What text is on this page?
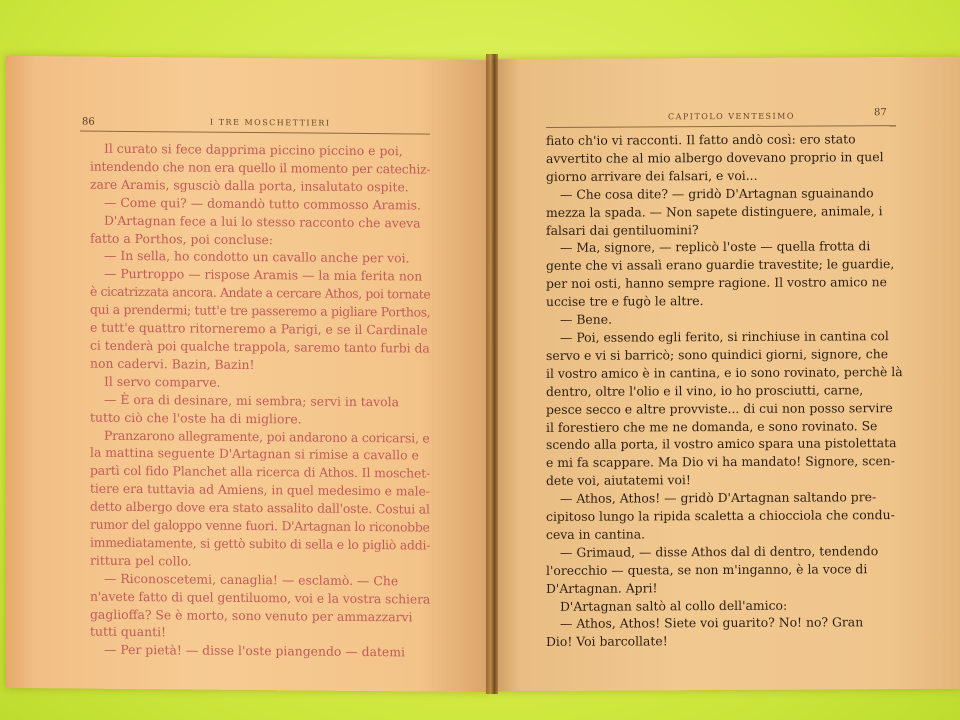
86	I TRE MOSCHETTIERI
Il curato si fece dapprima piccino piccino e poi,
intendendo che non era quello il momento per catechiz-
zare Aramis, sgusciò dalla porta, insalutato ospite.
— Come qui? — domandò tutto commosso Aramis.
D'Artagnan fece a lui lo stesso racconto che aveva
fatto a Porthos, poi concluse:
— In sella, ho condotto un cavallo anche per voi.
— Purtroppo — rispose Aramis — la mia ferita non
è cicatrizzata ancora. Andate a cercare Athos, poi tornate
qui a prendermi; tutt'e tre passeremo a pigliare Porthos,
e tutt'e quattro ritorneremo a Parigi, e se il Cardinale
ci tenderà poi qualche trappola, saremo tanto furbi da
non cadervi. Bazin, Bazin!
Il servo comparve.
— È ora di desinare, mi sembra; servi in tavola
tutto ciò che l'oste ha di migliore.
Pranzarono allegramente, poi andarono a coricarsi, e
la mattina seguente D'Artagnan si rimise a cavallo e
partì col fido Planchet alla ricerca di Athos. Il moschet-
tiere era tuttavia ad Amiens, in quel medesimo e male-
detto albergo dove era stato assalito dall'oste. Costui al
rumor del galoppo venne fuori. D'Artagnan lo riconobbe
immediatamente, si gettò subito di sella e lo pigliò addi-
rittura pel collo.
— Riconoscetemi, canaglia! — esclamò. — Che
n'avete fatto di quel gentiluomo, voi e la vostra schiera
gaglioffa? Se è morto, sono venuto per ammazzarvi
tutti quanti!
— Per pietà! — disse l'oste piangendo — datemi
CAPITOLO VENTESIMO	87
fiato ch'io vi racconti. Il fatto andò così: ero stato
avvertito che al mio albergo dovevano proprio in quel
giorno arrivare dei falsari, e voi...
— Che cosa dite? — gridò D'Artagnan sguainando
mezza la spada. — Non sapete distinguere, animale, i
falsari dai gentiluomini?
— Ma, signore, — replicò l'oste — quella frotta di
gente che vi assalì erano guardie travestite; le guardie,
per noi osti, hanno sempre ragione. Il vostro amico ne
uccise tre e fugò le altre.
— Bene.
— Poi, essendo egli ferito, si rinchiuse in cantina col
servo e vi si barricò; sono quindici giorni, signore, che
il vostro amico è in cantina, e io sono rovinato, perchè là
dentro, oltre l'olio e il vino, io ho prosciutti, carne,
pesce secco e altre provviste... di cui non posso servire
il forestiero che me ne domanda, e sono rovinato. Se
scendo alla porta, il vostro amico spara una pistolettata
e mi fa scappare. Ma Dio vi ha mandato! Signore, scen-
dete voi, aiutatemi voi!
— Athos, Athos! — gridò D'Artagnan saltando pre-
cipitoso lungo la ripida scaletta a chiocciola che condu-
ceva in cantina.
— Grimaud, — disse Athos dal di dentro, tendendo
l'orecchio — questa, se non m'inganno, è la voce di
D'Artagnan. Apri!
D'Artagnan saltò al collo dell'amico:
— Athos, Athos! Siete voi guarito? No! no? Gran
Dio! Voi barcollate!
